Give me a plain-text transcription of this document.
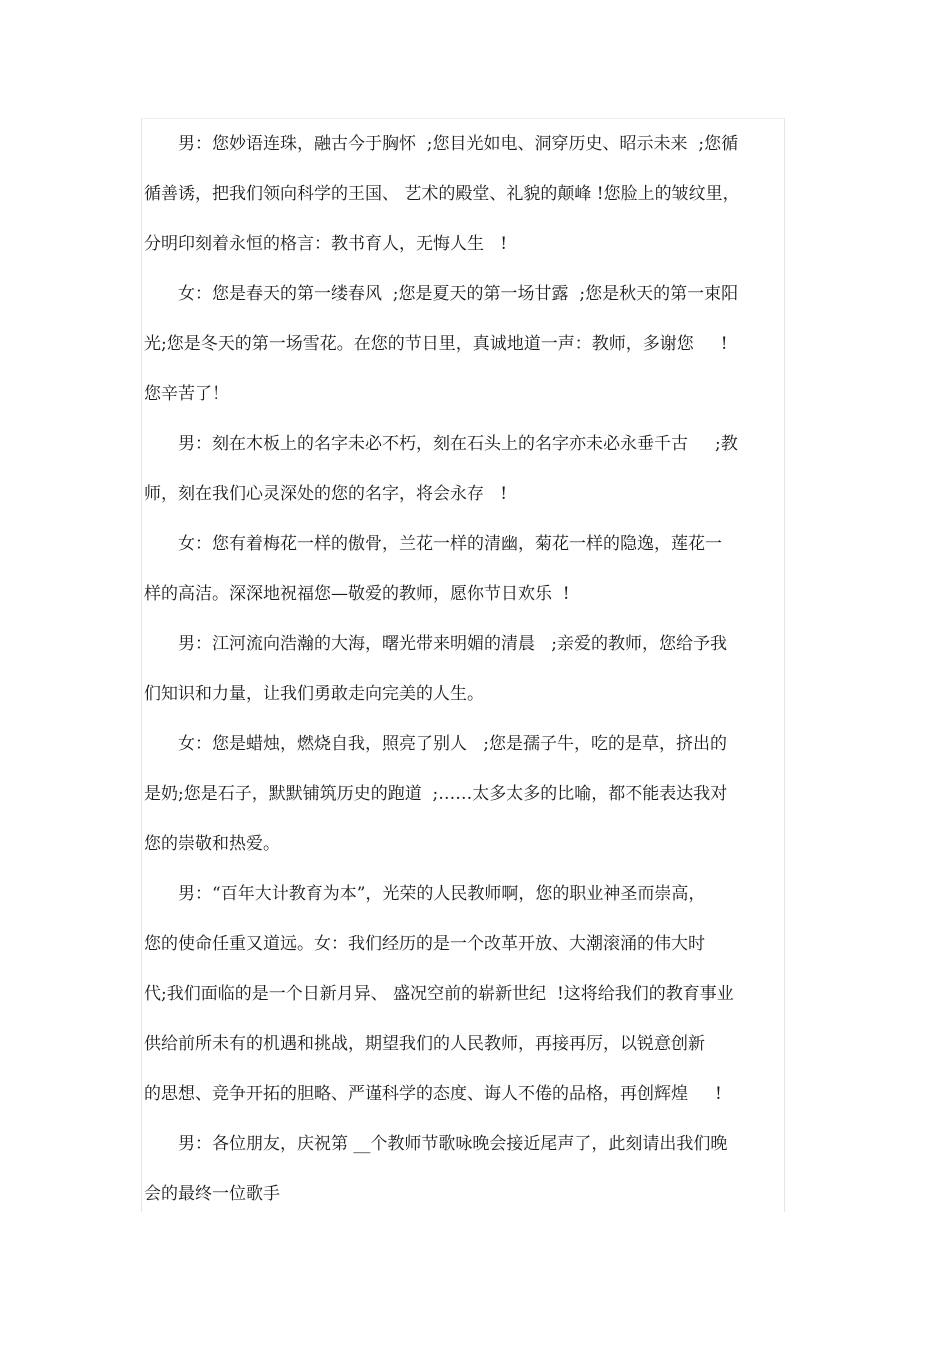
男：您妙语连珠，融古今于胸怀  ;您目光如电、洞穿历史、昭示未来  ;您循
循善诱，把我们领向科学的王国、 艺术的殿堂、礼貌的颠峰 !您脸上的皱纹里，
分明印刻着永恒的格言：教书育人，无悔人生   !
女：您是春天的第一缕春风  ;您是夏天的第一场甘露  ;您是秋天的第一束阳
光;您是冬天的第一场雪花。在您的节日里，真诚地道一声：教师，多谢您     !
您辛苦了！
男：刻在木板上的名字未必不朽，刻在石头上的名字亦未必永垂千古     ;教
师，刻在我们心灵深处的您的名字，将会永存   !
女：您有着梅花一样的傲骨，兰花一样的清幽，菊花一样的隐逸，莲花一
样的高洁。深深地祝福您—敬爱的教师，愿你节日欢乐  !
男：江河流向浩瀚的大海，曙光带来明媚的清晨   ;亲爱的教师，您给予我
们知识和力量，让我们勇敢走向完美的人生。
女：您是蜡烛，燃烧自我，照亮了别人   ;您是孺子牛，吃的是草，挤出的
是奶;您是石子，默默铺筑历史的跑道  ;……太多太多的比喻，都不能表达我对
您的崇敬和热爱。
男：“百年大计教育为本”，光荣的人民教师啊，您的职业神圣而崇高，
您的使命任重又道远。女：我们经历的是一个改革开放、大潮滚涌的伟大时
代;我们面临的是一个日新月异、 盛况空前的崭新世纪  !这将给我们的教育事业
供给前所未有的机遇和挑战，期望我们的人民教师，再接再厉，以锐意创新
的思想、竞争开拓的胆略、严谨科学的态度、诲人不倦的品格，再创辉煌     !
男：各位朋友，庆祝第 __个教师节歌咏晚会接近尾声了，此刻请出我们晚
会的最终一位歌手
